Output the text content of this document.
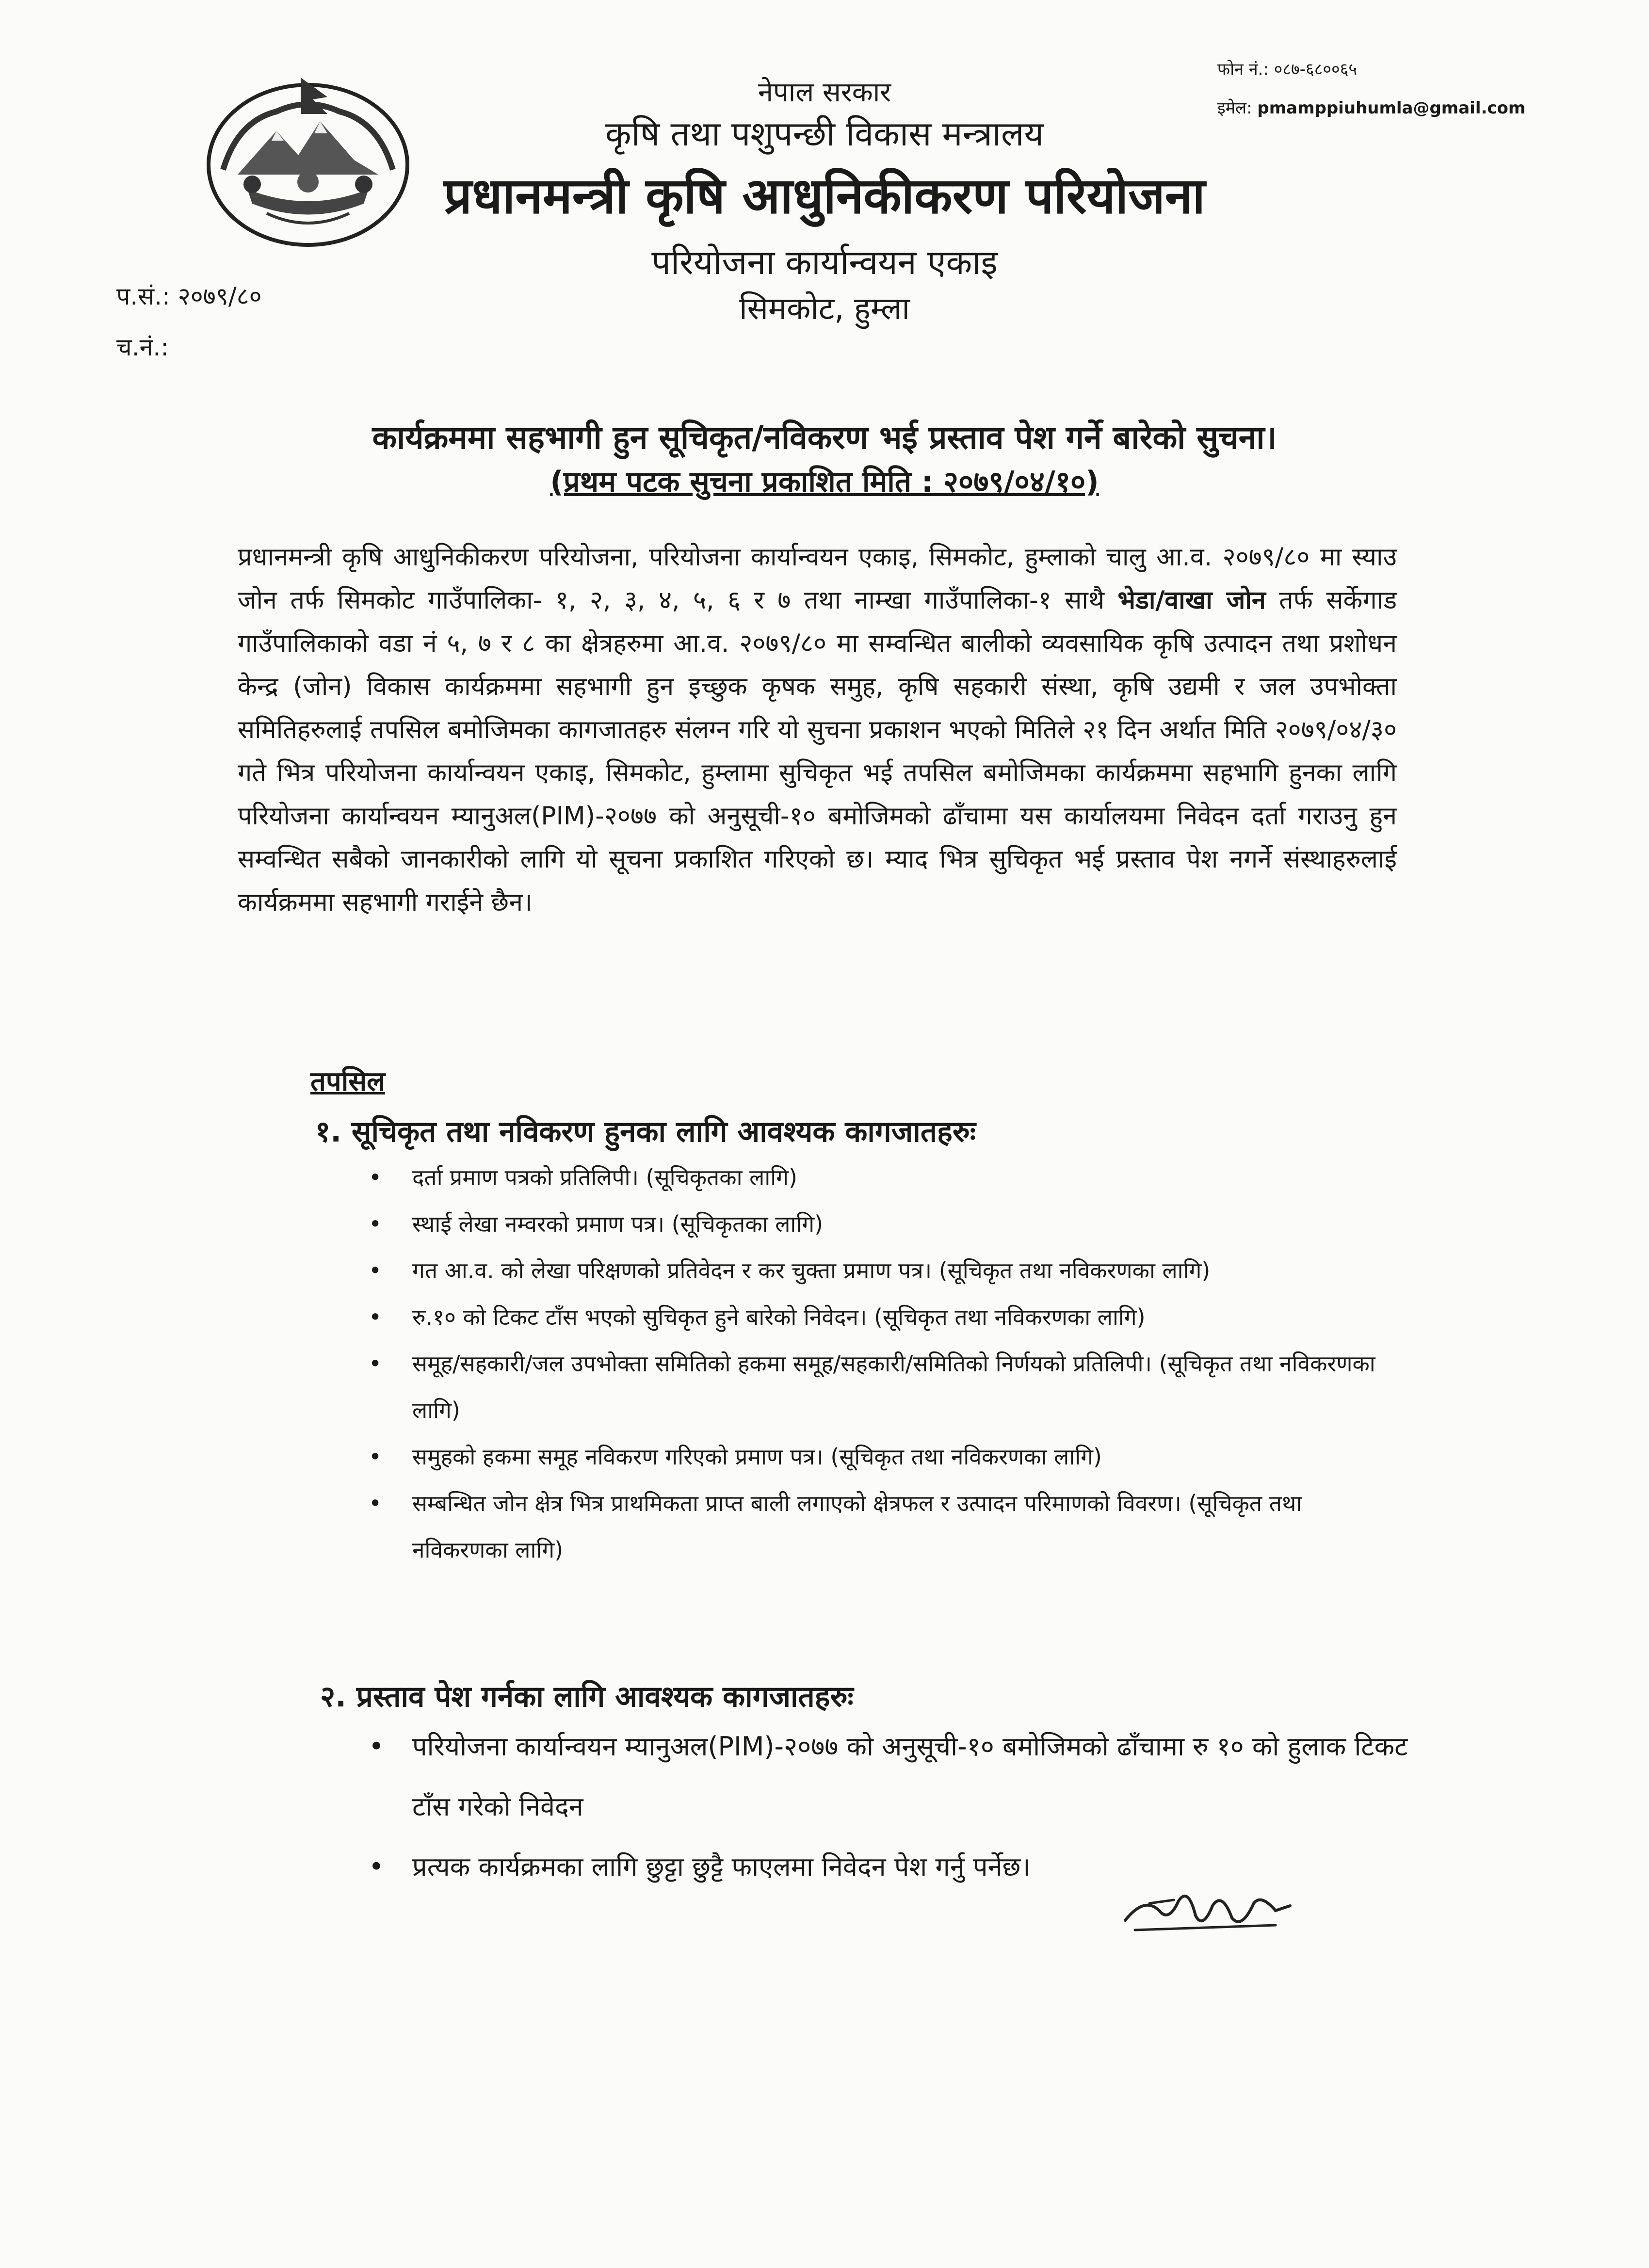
नेपाल सरकार
कृषि तथा पशुपन्छी विकास मन्त्रालय
प्रधानमन्त्री कृषि आधुनिकीकरण परियोजना
परियोजना कार्यान्वयन एकाइ
सिमकोट, हुम्ला
फोन नं.: ०८७-६८००६५
इमेल: pmamppiuhumla@gmail.com
प.सं.: २०७९/८०
च.नं.:
कार्यक्रममा सहभागी हुन सूचिकृत/नविकरण भई प्रस्ताव पेश गर्ने बारेको सुचना।
(प्रथम पटक सुचना प्रकाशित मिति : २०७९/०४/१०)
प्रधानमन्त्री कृषि आधुनिकीकरण परियोजना, परियोजना कार्यान्वयन एकाइ, सिमकोट, हुम्लाको चालु आ.व. २०७९/८० मा स्याउ जोन तर्फ सिमकोट गाउँपालिका- १, २, ३, ४, ५, ६ र ७ तथा नाम्खा गाउँपालिका-१ साथै भेडा/वाखा जोन तर्फ सर्केगाड गाउँपालिकाको वडा नं ५, ७ र ८ का क्षेत्रहरुमा आ.व. २०७९/८० मा सम्वन्धित बालीको व्यवसायिक कृषि उत्पादन तथा प्रशोधन केन्द्र (जोन) विकास कार्यक्रममा सहभागी हुन इच्छुक कृषक समुह, कृषि सहकारी संस्था, कृषि उद्यमी र जल उपभोक्ता समितिहरुलाई तपसिल बमोजिमका कागजातहरु संलग्न गरि यो सुचना प्रकाशन भएको मितिले २१ दिन अर्थात मिति २०७९/०४/३० गते भित्र परियोजना कार्यान्वयन एकाइ, सिमकोट, हुम्लामा सुचिकृत भई तपसिल बमोजिमका कार्यक्रममा सहभागि हुनका लागि परियोजना कार्यान्वयन म्यानुअल(PIM)-२०७७ को अनुसूची-१० बमोजिमको ढाँचामा यस कार्यालयमा निवेदन दर्ता गराउनु हुन सम्वन्धित सबैको जानकारीको लागि यो सूचना प्रकाशित गरिएको छ। म्याद भित्र सुचिकृत भई प्रस्ताव पेश नगर्ने संस्थाहरुलाई कार्यक्रममा सहभागी गराईने छैन।
तपसिल
१. सूचिकृत तथा नविकरण हुनका लागि आवश्यक कागजातहरुः
• दर्ता प्रमाण पत्रको प्रतिलिपी। (सूचिकृतका लागि)
• स्थाई लेखा नम्वरको प्रमाण पत्र। (सूचिकृतका लागि)
• गत आ.व. को लेखा परिक्षणको प्रतिवेदन र कर चुक्ता प्रमाण पत्र। (सूचिकृत तथा नविकरणका लागि)
• रु.१० को टिकट टाँस भएको सुचिकृत हुने बारेको निवेदन। (सूचिकृत तथा नविकरणका लागि)
• समूह/सहकारी/जल उपभोक्ता समितिको हकमा समूह/सहकारी/समितिको निर्णयको प्रतिलिपी। (सूचिकृत तथा नविकरणका लागि)
• समुहको हकमा समूह नविकरण गरिएको प्रमाण पत्र। (सूचिकृत तथा नविकरणका लागि)
• सम्बन्धित जोन क्षेत्र भित्र प्राथमिकता प्राप्त बाली लगाएको क्षेत्रफल र उत्पादन परिमाणको विवरण। (सूचिकृत तथा नविकरणका लागि)
२. प्रस्ताव पेश गर्नका लागि आवश्यक कागजातहरुः
• परियोजना कार्यान्वयन म्यानुअल(PIM)-२०७७ को अनुसूची-१० बमोजिमको ढाँचामा रु १० को हुलाक टिकट टाँस गरेको निवेदन
• प्रत्यक कार्यक्रमका लागि छुट्टा छुट्टै फाएलमा निवेदन पेश गर्नु पर्नेछ।
